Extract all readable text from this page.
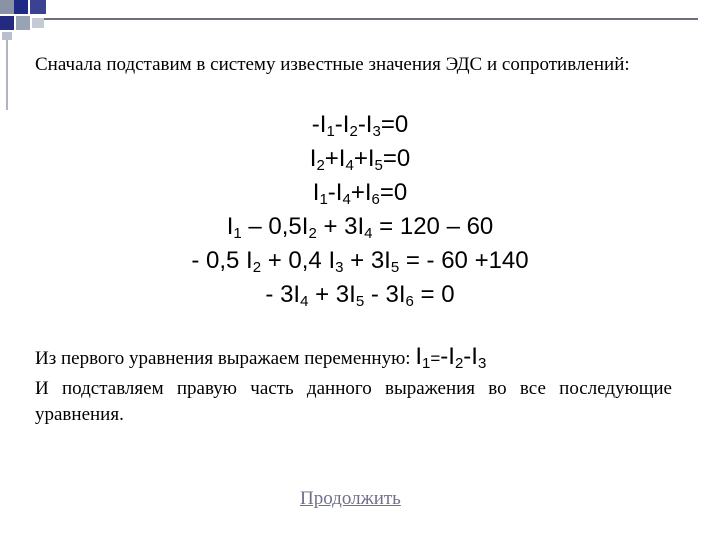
Сначала подставим в систему известные значения ЭДС и сопротивлений:
$-I_1-I_2-I_3=0$
$I_2+I_4+I_5=0$
$I_1-I_4+I_6=0$
$I_1 - 0,5I_2 + 3I_4 = 120 - 60$
- 0,5 $I_2 + 0,4$ $I_3 + 3I_5$ = - 60 +140
- $3I_4 + 3I_5 - 3I_6 = 0$
Из первого уравнения выражаем переменную: $I_1=-I_2-I_3$
И подставляем правую часть данного выражения во все последующие уравнения.
Продолжить
